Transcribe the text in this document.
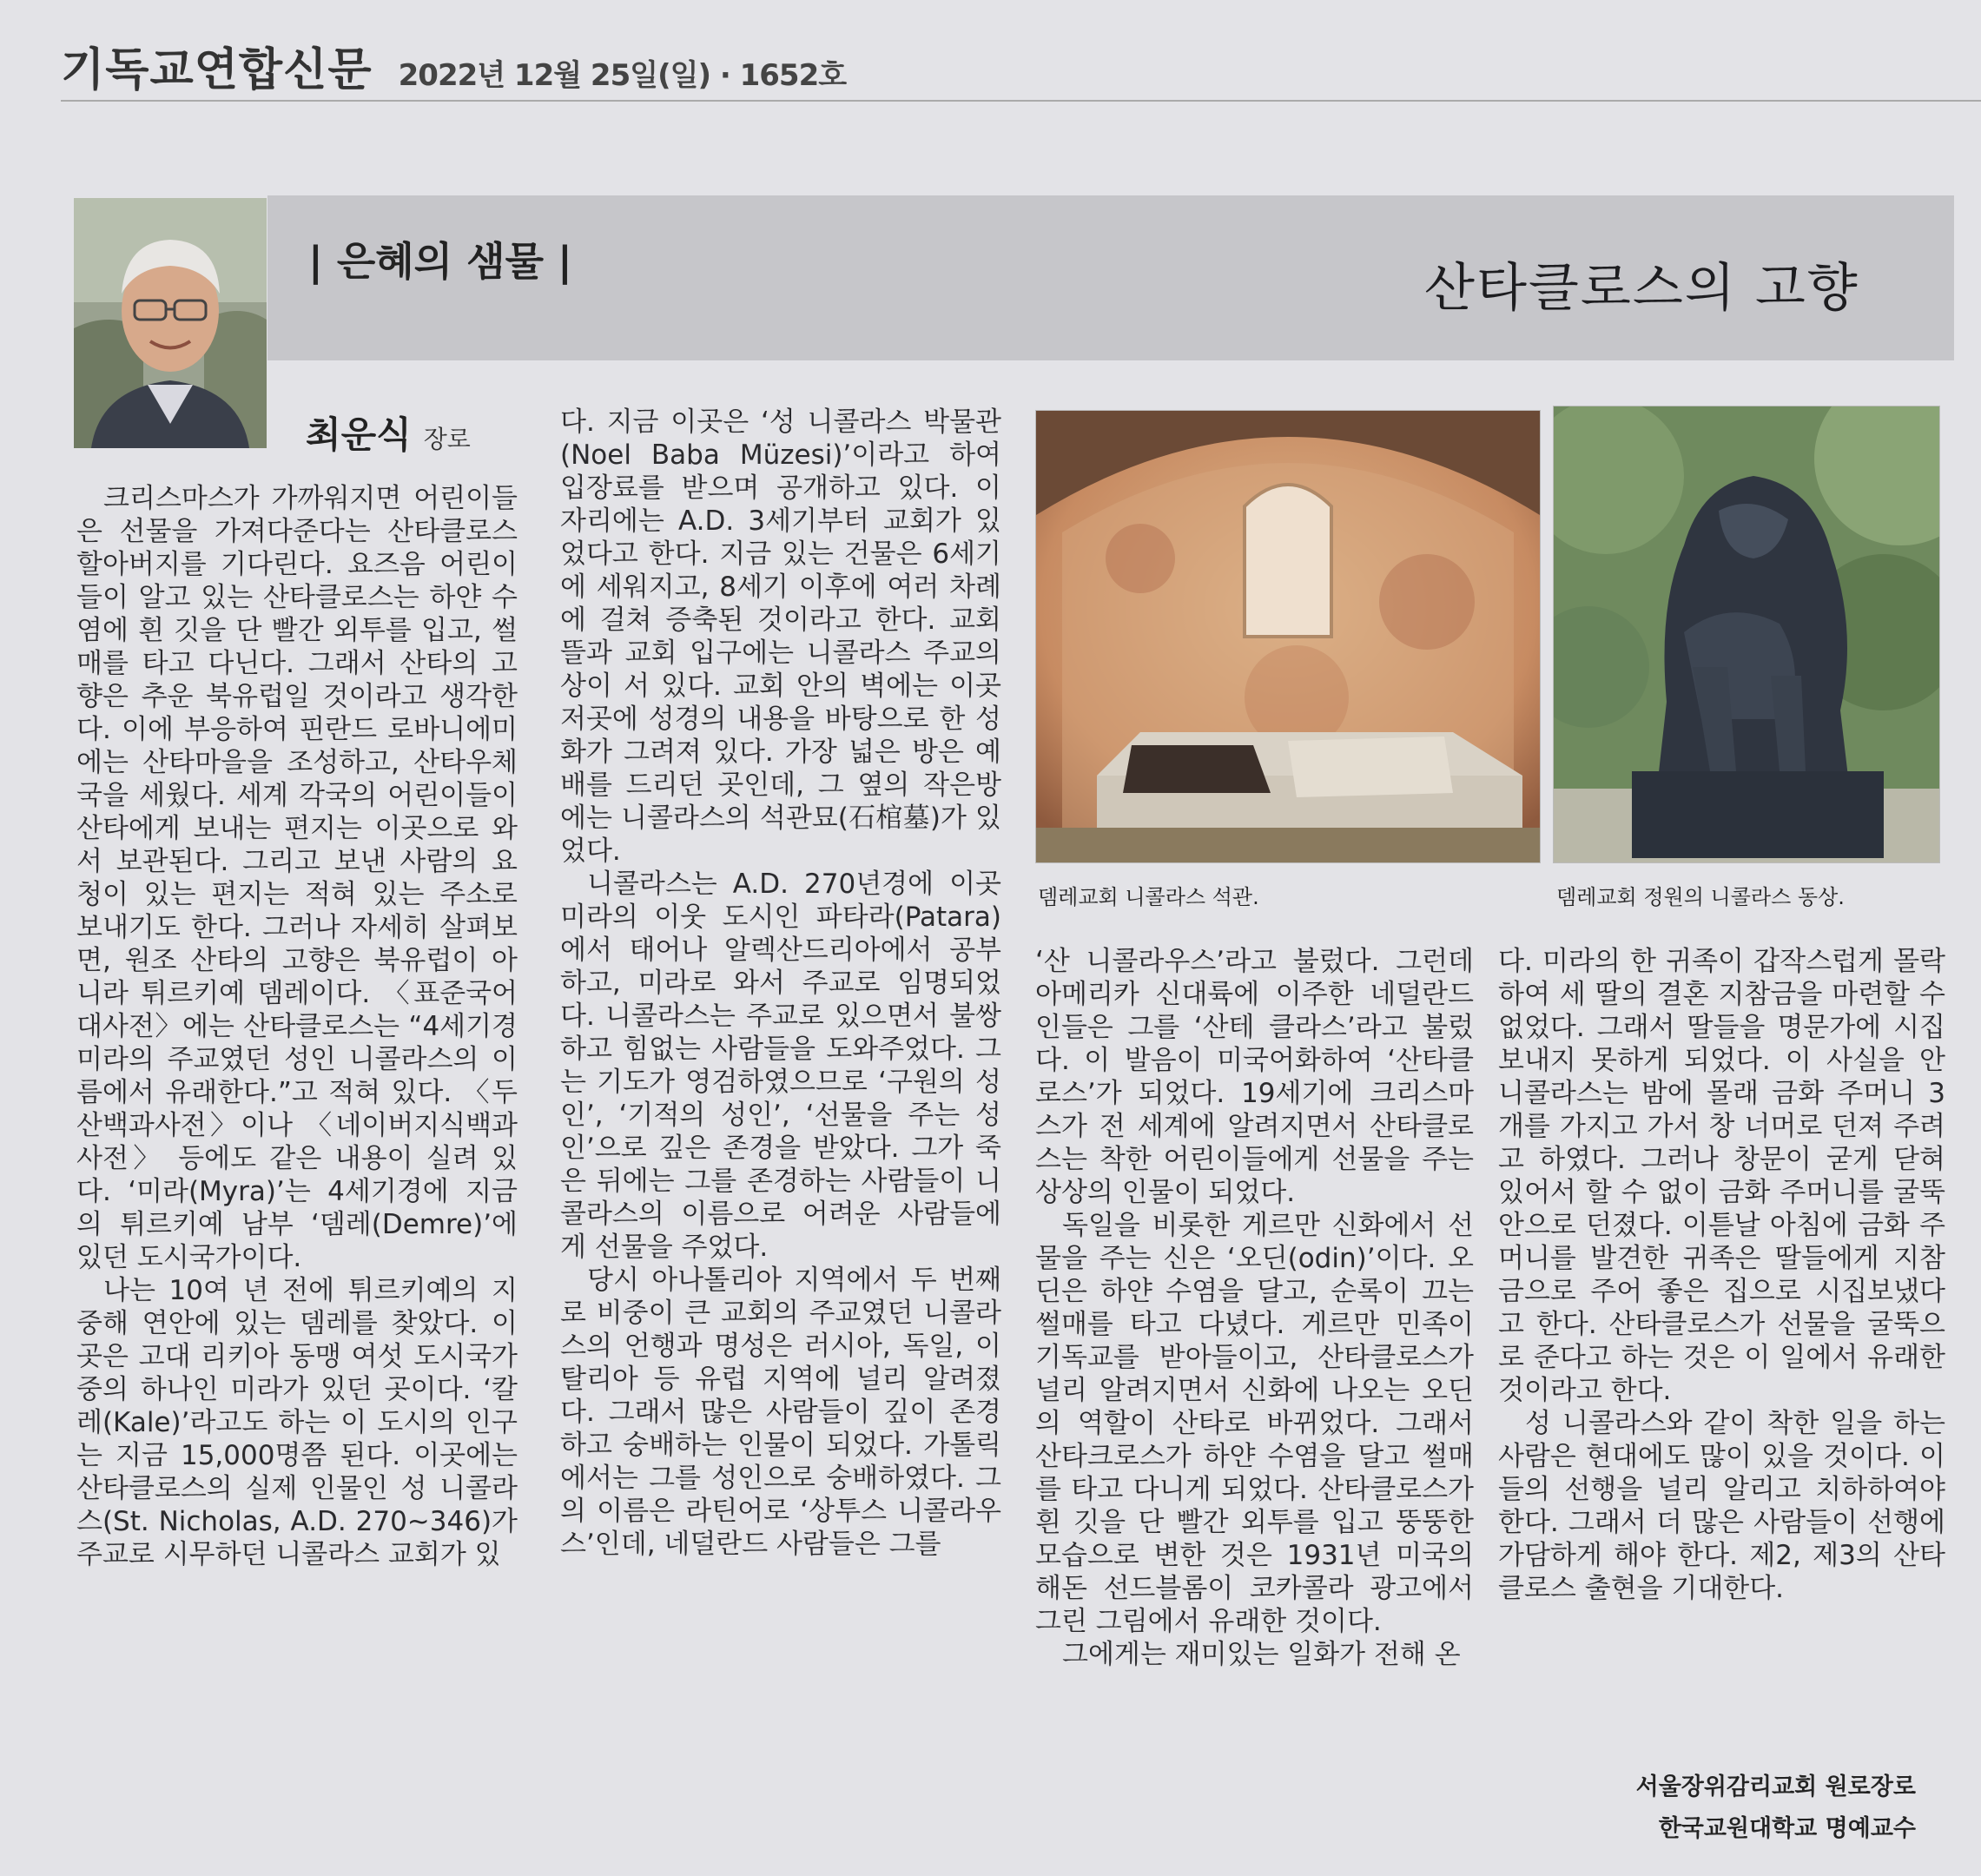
기독교연합신문 2022년 12월 25일(일) · 1652호
| 은혜의 샘물 |	산타클로스의 고향
최운식 장로

크리스마스가 가까워지면 어린이들은 선물을 가져다준다는 산타클로스 할아버지를 기다린다. 요즈음 어린이들이 알고 있는 산타클로스는 하얀 수염에 흰 깃을 단 빨간 외투를 입고, 썰매를 타고 다닌다. 그래서 산타의 고향은 추운 북유럽일 것이라고 생각한다. 이에 부응하여 핀란드 로바니에미에는 산타마을을 조성하고, 산타우체국을 세웠다. 세계 각국의 어린이들이 산타에게 보내는 편지는 이곳으로 와서 보관된다. 그리고 보낸 사람의 요청이 있는 편지는 적혀 있는 주소로 보내기도 한다. 그러나 자세히 살펴보면, 원조 산타의 고향은 북유럽이 아니라 튀르키예 뎀레이다. 〈표준국어대사전〉에는 산타클로스는 “4세기경 미라의 주교였던 성인 니콜라스의 이름에서 유래한다.”고 적혀 있다. 〈두산백과사전〉이나 〈네이버지식백과사전〉 등에도 같은 내용이 실려 있다. ‘미라(Myra)’는 4세기경에 지금의 튀르키예 남부 ‘뎀레(Demre)’에 있던 도시국가이다.

나는 10여 년 전에 튀르키예의 지중해 연안에 있는 뎀레를 찾았다. 이곳은 고대 리키아 동맹 여섯 도시국가 중의 하나인 미라가 있던 곳이다. ‘칼레(Kale)’라고도 하는 이 도시의 인구는 지금 15,000명쯤 된다. 이곳에는 산타클로스의 실제 인물인 성 니콜라스(St. Nicholas, A.D. 270~346)가 주교로 시무하던 니콜라스 교회가 있

다. 지금 이곳은 ‘성 니콜라스 박물관(Noel Baba Müzesi)’이라고 하여 입장료를 받으며 공개하고 있다. 이 자리에는 A.D. 3세기부터 교회가 있었다고 한다. 지금 있는 건물은 6세기에 세워지고, 8세기 이후에 여러 차례에 걸쳐 증축된 것이라고 한다. 교회 뜰과 교회 입구에는 니콜라스 주교의 상이 서 있다. 교회 안의 벽에는 이곳저곳에 성경의 내용을 바탕으로 한 성화가 그려져 있다. 가장 넓은 방은 예배를 드리던 곳인데, 그 옆의 작은방에는 니콜라스의 석관묘(石棺墓)가 있었다.

니콜라스는 A.D. 270년경에 이곳 미라의 이웃 도시인 파타라(Patara)에서 태어나 알렉산드리아에서 공부하고, 미라로 와서 주교로 임명되었다. 니콜라스는 주교로 있으면서 불쌍하고 힘없는 사람들을 도와주었다. 그는 기도가 영검하였으므로 ‘구원의 성인’, ‘기적의 성인’, ‘선물을 주는 성인’으로 깊은 존경을 받았다. 그가 죽은 뒤에는 그를 존경하는 사람들이 니콜라스의 이름으로 어려운 사람들에게 선물을 주었다.

당시 아나톨리아 지역에서 두 번째로 비중이 큰 교회의 주교였던 니콜라스의 언행과 명성은 러시아, 독일, 이탈리아 등 유럽 지역에 널리 알려졌다. 그래서 많은 사람들이 깊이 존경하고 숭배하는 인물이 되었다. 가톨릭에서는 그를 성인으로 숭배하였다. 그의 이름은 라틴어로 ‘상투스 니콜라우스’인데, 네덜란드 사람들은 그를

뎀레교회 니콜라스 석관.	뎀레교회 정원의 니콜라스 동상.

‘산 니콜라우스’라고 불렀다. 그런데 아메리카 신대륙에 이주한 네덜란드인들은 그를 ‘산테 클라스’라고 불렀다. 이 발음이 미국어화하여 ‘산타클로스’가 되었다. 19세기에 크리스마스가 전 세계에 알려지면서 산타클로스는 착한 어린이들에게 선물을 주는 상상의 인물이 되었다.

독일을 비롯한 게르만 신화에서 선물을 주는 신은 ‘오딘(odin)’이다. 오딘은 하얀 수염을 달고, 순록이 끄는 썰매를 타고 다녔다. 게르만 민족이 기독교를 받아들이고, 산타클로스가 널리 알려지면서 신화에 나오는 오딘의 역할이 산타로 바뀌었다. 그래서 산타크로스가 하얀 수염을 달고 썰매를 타고 다니게 되었다. 산타클로스가 흰 깃을 단 빨간 외투를 입고 뚱뚱한 모습으로 변한 것은 1931년 미국의 해돈 선드블롬이 코카콜라 광고에서 그린 그림에서 유래한 것이다.

그에게는 재미있는 일화가 전해 온

다. 미라의 한 귀족이 갑작스럽게 몰락하여 세 딸의 결혼 지참금을 마련할 수 없었다. 그래서 딸들을 명문가에 시집보내지 못하게 되었다. 이 사실을 안 니콜라스는 밤에 몰래 금화 주머니 3개를 가지고 가서 창 너머로 던져 주려고 하였다. 그러나 창문이 굳게 닫혀 있어서 할 수 없이 금화 주머니를 굴뚝 안으로 던졌다. 이튿날 아침에 금화 주머니를 발견한 귀족은 딸들에게 지참금으로 주어 좋은 집으로 시집보냈다고 한다. 산타클로스가 선물을 굴뚝으로 준다고 하는 것은 이 일에서 유래한 것이라고 한다.

성 니콜라스와 같이 착한 일을 하는 사람은 현대에도 많이 있을 것이다. 이들의 선행을 널리 알리고 치하하여야 한다. 그래서 더 많은 사람들이 선행에 가담하게 해야 한다. 제2, 제3의 산타클로스 출현을 기대한다.

서울장위감리교회 원로장로
한국교원대학교 명예교수
